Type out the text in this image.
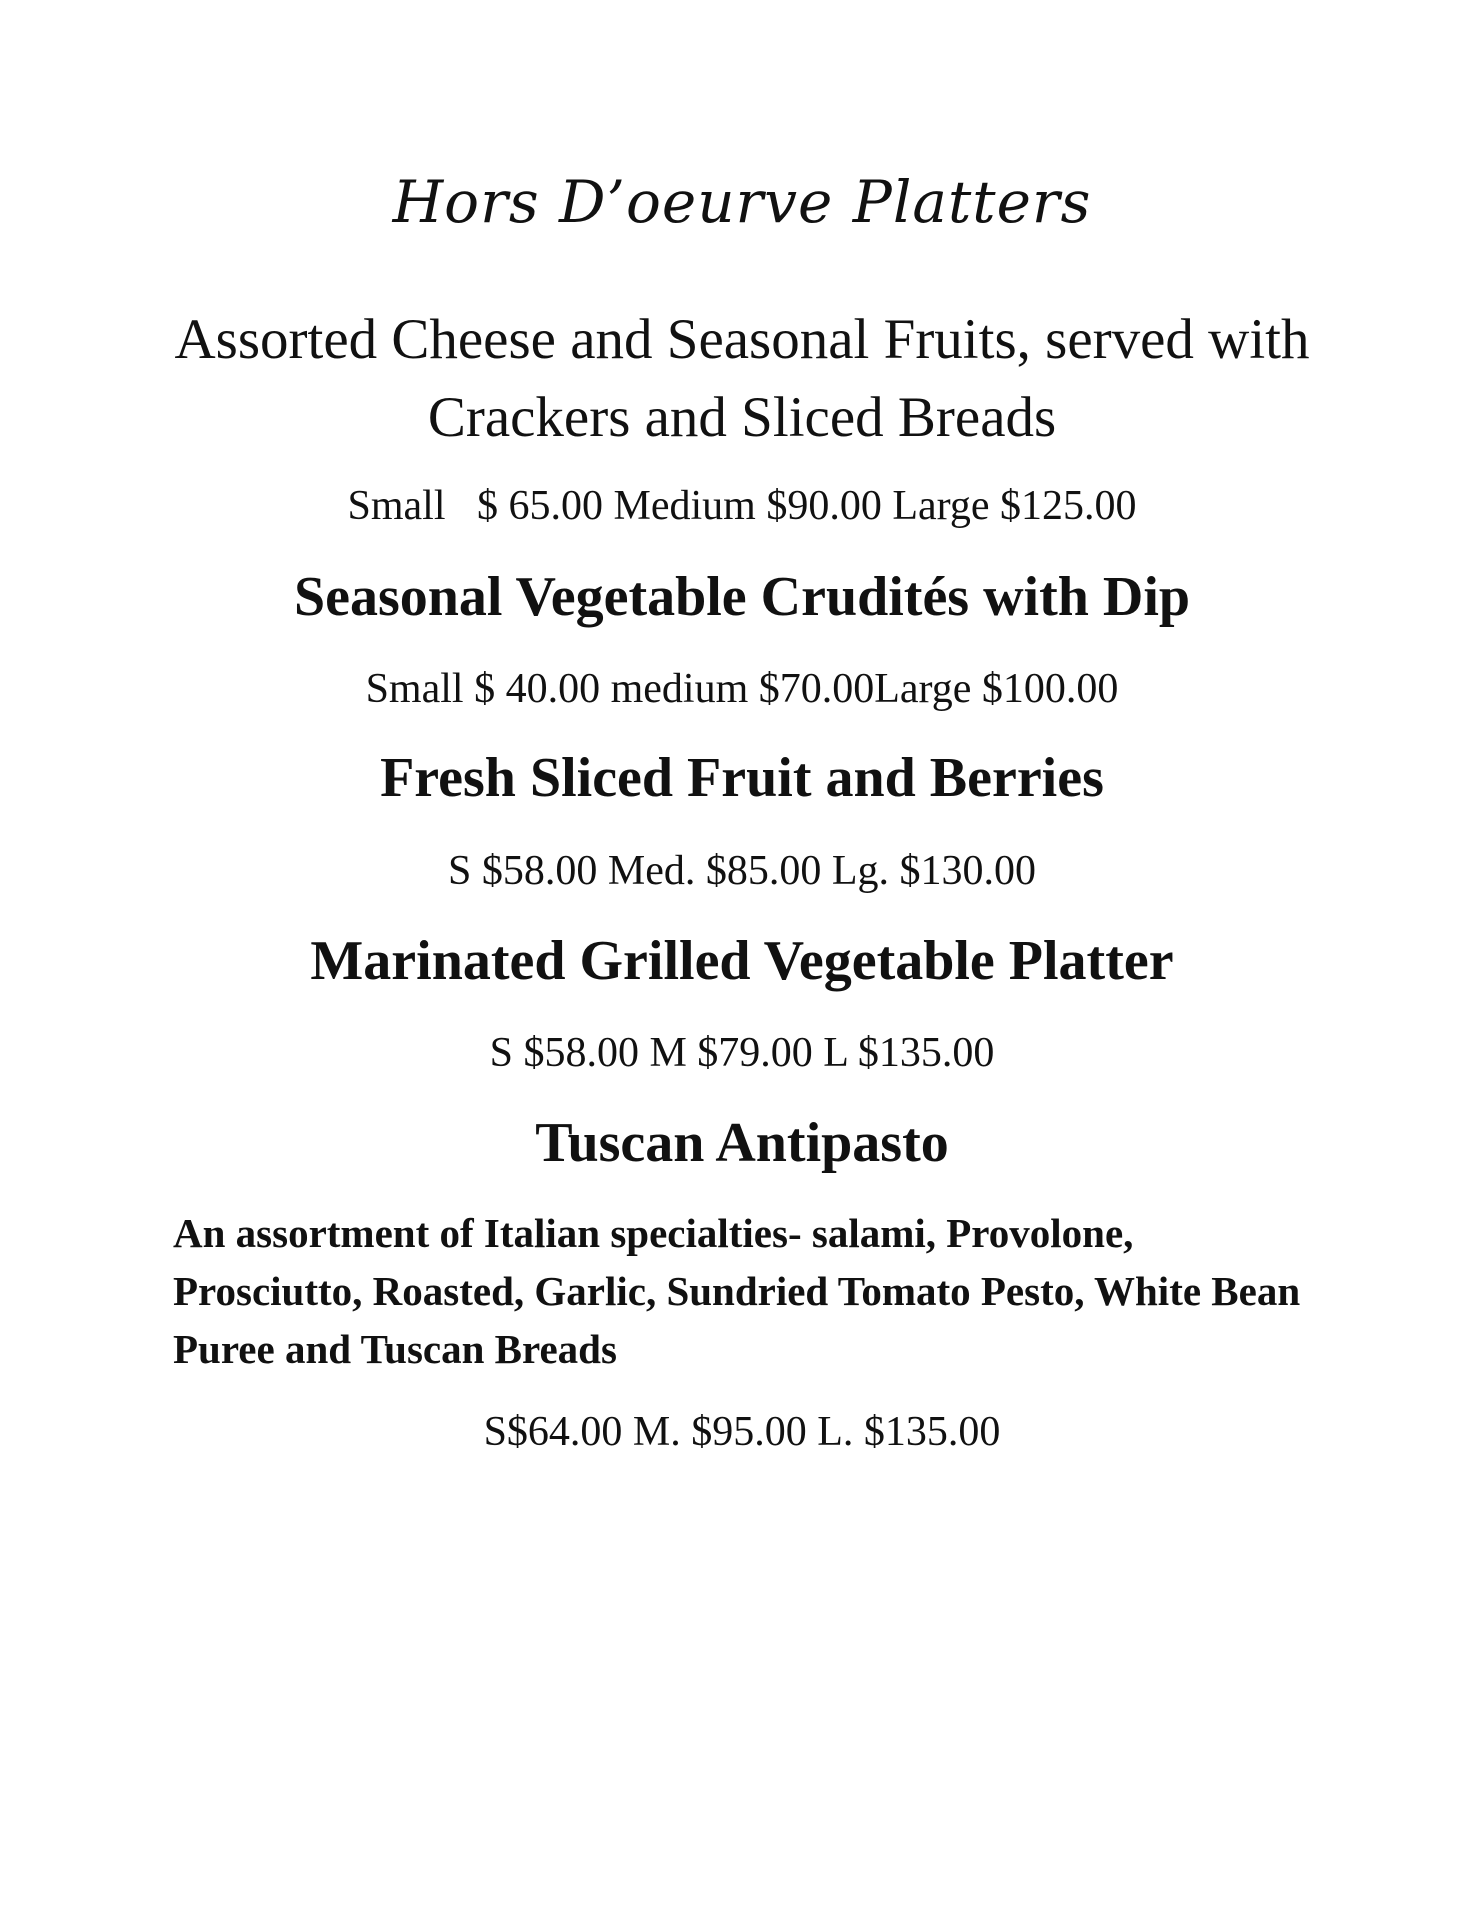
Hors D’oeurve Platters
Assorted Cheese and Seasonal Fruits, served with Crackers and Sliced Breads
Small   $ 65.00 Medium $90.00 Large $125.00
Seasonal Vegetable Crudités with Dip
Small $ 40.00 medium $70.00Large $100.00
Fresh Sliced Fruit and Berries
S $58.00 Med. $85.00 Lg. $130.00
Marinated Grilled Vegetable Platter
S $58.00 M $79.00 L $135.00
Tuscan Antipasto
An assortment of Italian specialties- salami, Provolone, Prosciutto, Roasted, Garlic, Sundried Tomato Pesto, White Bean Puree and Tuscan Breads
S$64.00 M. $95.00 L. $135.00
